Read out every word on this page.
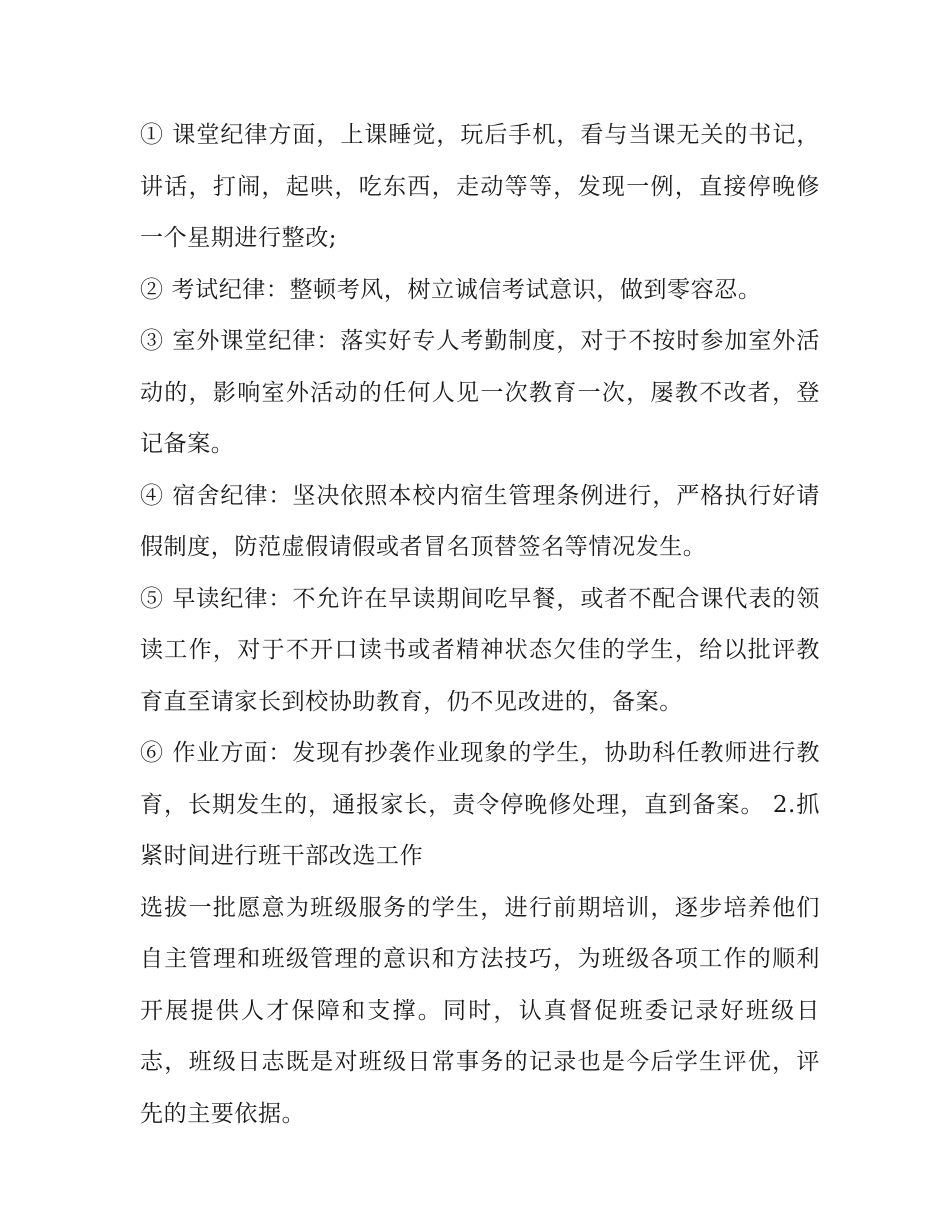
① 课堂纪律方面，上课睡觉，玩后手机，看与当课无关的书记，讲话，打闹，起哄，吃东西，走动等等，发现一例，直接停晚修一个星期进行整改;

② 考试纪律：整顿考风，树立诚信考试意识，做到零容忍。

③ 室外课堂纪律：落实好专人考勤制度，对于不按时参加室外活动的，影响室外活动的任何人见一次教育一次，屡教不改者，登记备案。

④ 宿舍纪律：坚决依照本校内宿生管理条例进行，严格执行好请假制度，防范虚假请假或者冒名顶替签名等情况发生。

⑤ 早读纪律：不允许在早读期间吃早餐，或者不配合课代表的领读工作，对于不开口读书或者精神状态欠佳的学生，给以批评教育直至请家长到校协助教育，仍不见改进的，备案。

⑥ 作业方面：发现有抄袭作业现象的学生，协助科任教师进行教育，长期发生的，通报家长，责令停晚修处理，直到备案。 2.抓紧时间进行班干部改选工作

选拔一批愿意为班级服务的学生，进行前期培训，逐步培养他们自主管理和班级管理的意识和方法技巧，为班级各项工作的顺利开展提供人才保障和支撑。同时，认真督促班委记录好班级日志，班级日志既是对班级日常事务的记录也是今后学生评优，评先的主要依据。
